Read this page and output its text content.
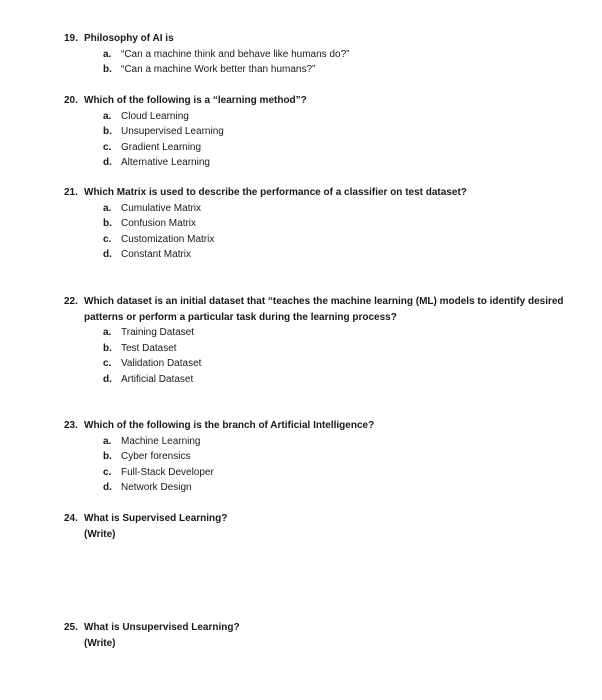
19. Philosophy of AI is
a. “Can a machine think and behave like humans do?”
b. “Can a machine Work better than humans?”
20. Which of the following is a “learning method”?
a. Cloud Learning
b. Unsupervised Learning
c. Gradient Learning
d. Alternative Learning
21. Which Matrix is used to describe the performance of a classifier on test dataset?
a. Cumulative Matrix
b. Confusion Matrix
c. Customization Matrix
d. Constant Matrix
22. Which dataset is an initial dataset that “teaches the machine learning (ML) models to identify desired patterns or perform a particular task during the learning process?
a. Training Dataset
b. Test Dataset
c. Validation Dataset
d. Artificial Dataset
23. Which of the following is the branch of Artificial Intelligence?
a. Machine Learning
b. Cyber forensics
c. Full-Stack Developer
d. Network Design
24. What is Supervised Learning?
(Write)
25. What is Unsupervised Learning?
(Write)
